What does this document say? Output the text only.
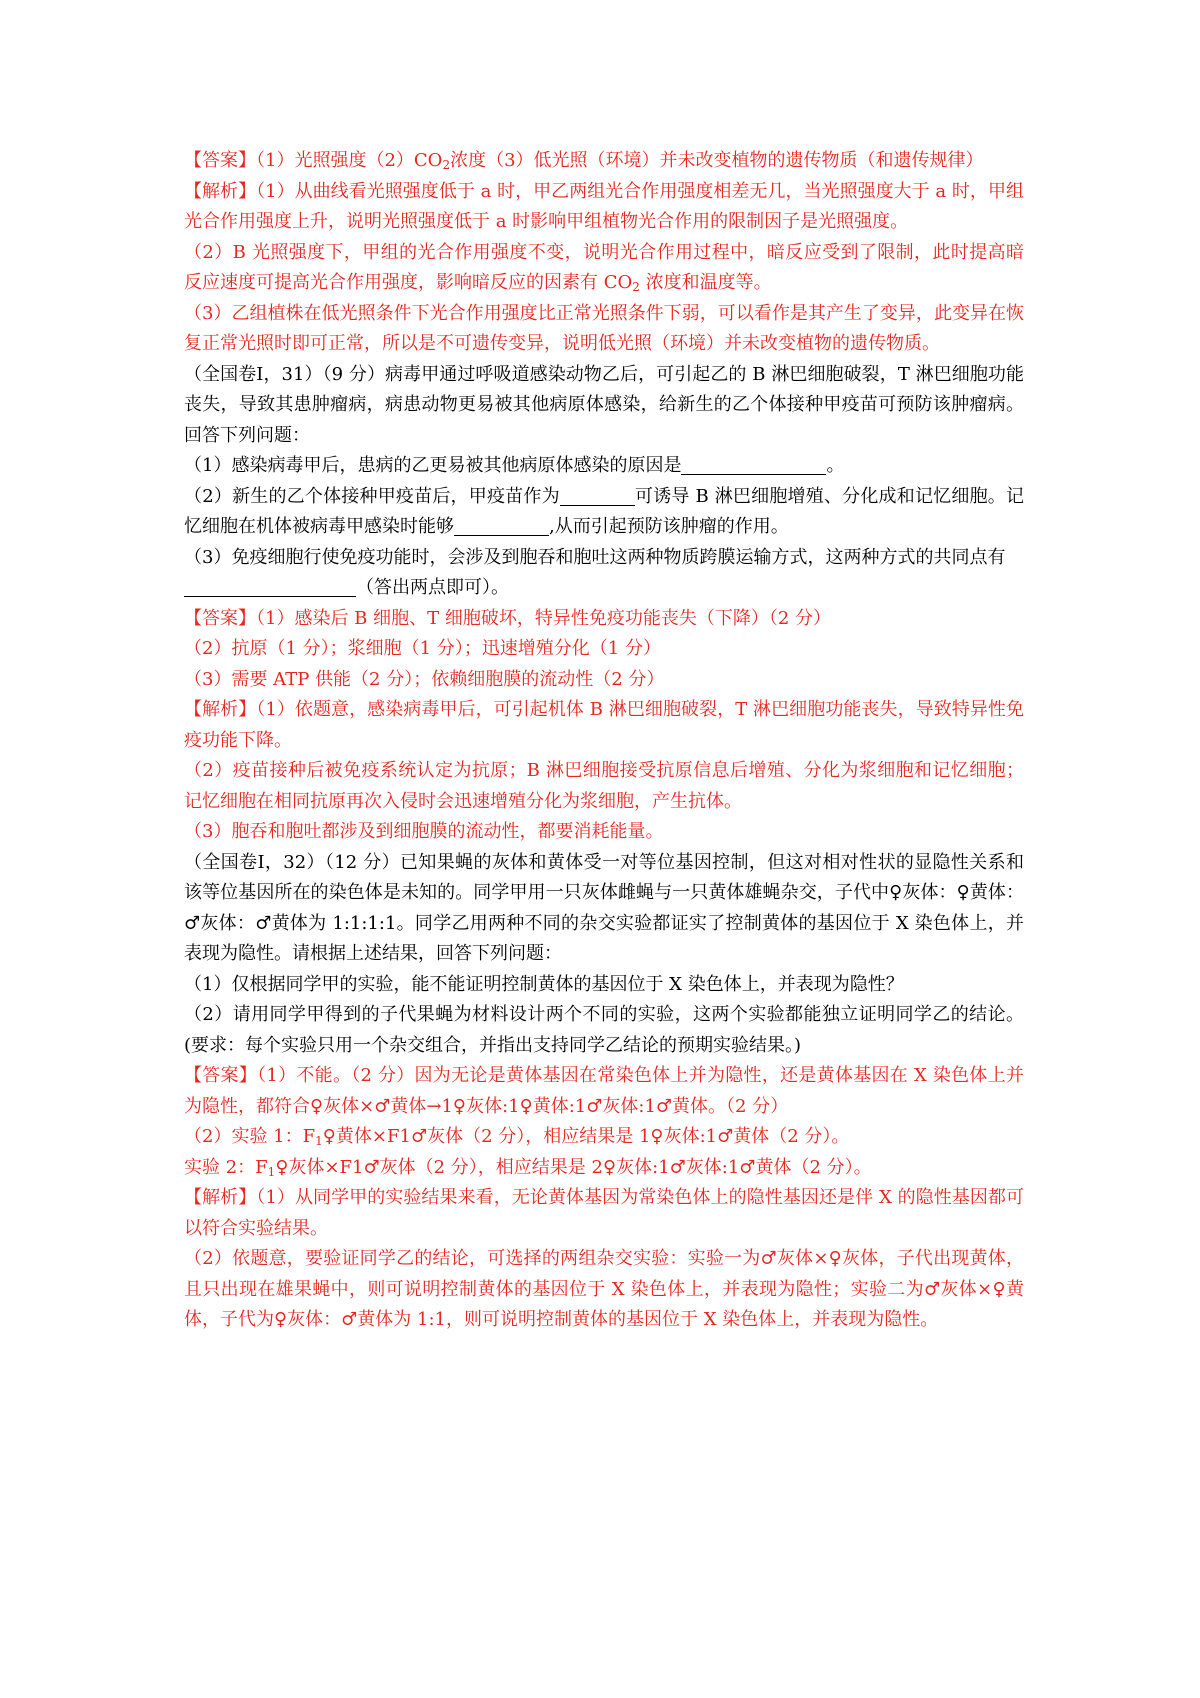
【答案】（1）光照强度$(2)CO_2$浓度（3）低光照（环境）并未改变植物的遗传物质（和遗传规律）

【解析】（1）从曲线看光照强度低于 a 时，甲乙两组光合作用强度相差无几，当光照强度大于 a 时，甲组光合作用强度上升，说明光照强度低于 a 时影响甲组植物光合作用的限制因子是光照强度。

（2）B 光照强度下，甲组的光合作用强度不变，说明光合作用过程中，暗反应受到了限制，此时提高暗反应速度可提高光合作用强度，影响暗反应的因素有 $CO_2$ 浓度和温度等。

（3）乙组植株在低光照条件下光合作用强度比正常光照条件下弱，可以看作是其产生了变异，此变异在恢复正常光照时即可正常，所以是不可遗传变异，说明低光照（环境）并未改变植物的遗传物质。

（全国卷Ⅰ，31）（9 分）病毒甲通过呼吸道感染动物乙后，可引起乙的 B 淋巴细胞破裂，T 淋巴细胞功能丧失，导致其患肿瘤病，病患动物更易被其他病原体感染，给新生的乙个体接种甲疫苗可预防该肿瘤病。回答下列问题：

（1）感染病毒甲后，患病的乙更易被其他病原体感染的原因是	。

（2）新生的乙个体接种甲疫苗后，甲疫苗作为	可诱导 B 淋巴细胞增殖、分化成和记忆细胞。记忆细胞在机体被病毒甲感染时能够	,从而引起预防该肿瘤的作用。

（3）免疫细胞行使免疫功能时，会涉及到胞吞和胞吐这两种物质跨膜运输方式，这两种方式的共同点有
（答出两点即可）。

【答案】（1）感染后 B 细胞、T 细胞破坏，特异性免疫功能丧失（下降）（2 分）

（2）抗原（1 分）；浆细胞（1 分）；迅速增殖分化（1 分）

（3）需要 ATP 供能（2 分）；依赖细胞膜的流动性（2 分）

【解析】（1）依题意，感染病毒甲后，可引起机体 B 淋巴细胞破裂，T 淋巴细胞功能丧失，导致特异性免疫功能下降。

（2）疫苗接种后被免疫系统认定为抗原；B 淋巴细胞接受抗原信息后增殖、分化为浆细胞和记忆细胞；记忆细胞在相同抗原再次入侵时会迅速增殖分化为浆细胞，产生抗体。

（3）胞吞和胞吐都涉及到细胞膜的流动性，都要消耗能量。

（全国卷Ⅰ，32）（12 分）已知果蝇的灰体和黄体受一对等位基因控制，但这对相对性状的显隐性关系和该等位基因所在的染色体是未知的。同学甲用一只灰体雌蝇与一只黄体雄蝇杂交，子代中♀灰体：♀黄体：♂灰体：♂黄体为 1:1:1:1。同学乙用两种不同的杂交实验都证实了控制黄体的基因位于 X 染色体上，并表现为隐性。请根据上述结果，回答下列问题：

（1）仅根据同学甲的实验，能不能证明控制黄体的基因位于 X 染色体上，并表现为隐性？

（2）请用同学甲得到的子代果蝇为材料设计两个不同的实验，这两个实验都能独立证明同学乙的结论。(要求：每个实验只用一个杂交组合，并指出支持同学乙结论的预期实验结果。)

【答案】（1）不能。（2 分）因为无论是黄体基因在常染色体上并为隐性，还是黄体基因在 X 染色体上并为隐性，都符合♀灰体×♂黄体→1♀灰体:1♀黄体:1♂灰体:1♂黄体。（2 分）

（2）实验 1：$F_1♀$黄体×F1♂灰体（2 分），相应结果是 1♀灰体:1♂黄体（2 分）。

实验 2：$F_1♀$灰体×F1♂灰体（2 分），相应结果是 2♀灰体:1♂灰体:1♂黄体（2 分）。

【解析】（1）从同学甲的实验结果来看，无论黄体基因为常染色体上的隐性基因还是伴 X 的隐性基因都可以符合实验结果。

（2）依题意，要验证同学乙的结论，可选择的两组杂交实验：实验一为♂灰体×♀灰体，子代出现黄体，且只出现在雄果蝇中，则可说明控制黄体的基因位于 X 染色体上，并表现为隐性；实验二为♂灰体×♀黄体，子代为♀灰体：♂黄体为 1:1，则可说明控制黄体的基因位于 X 染色体上，并表现为隐性。
